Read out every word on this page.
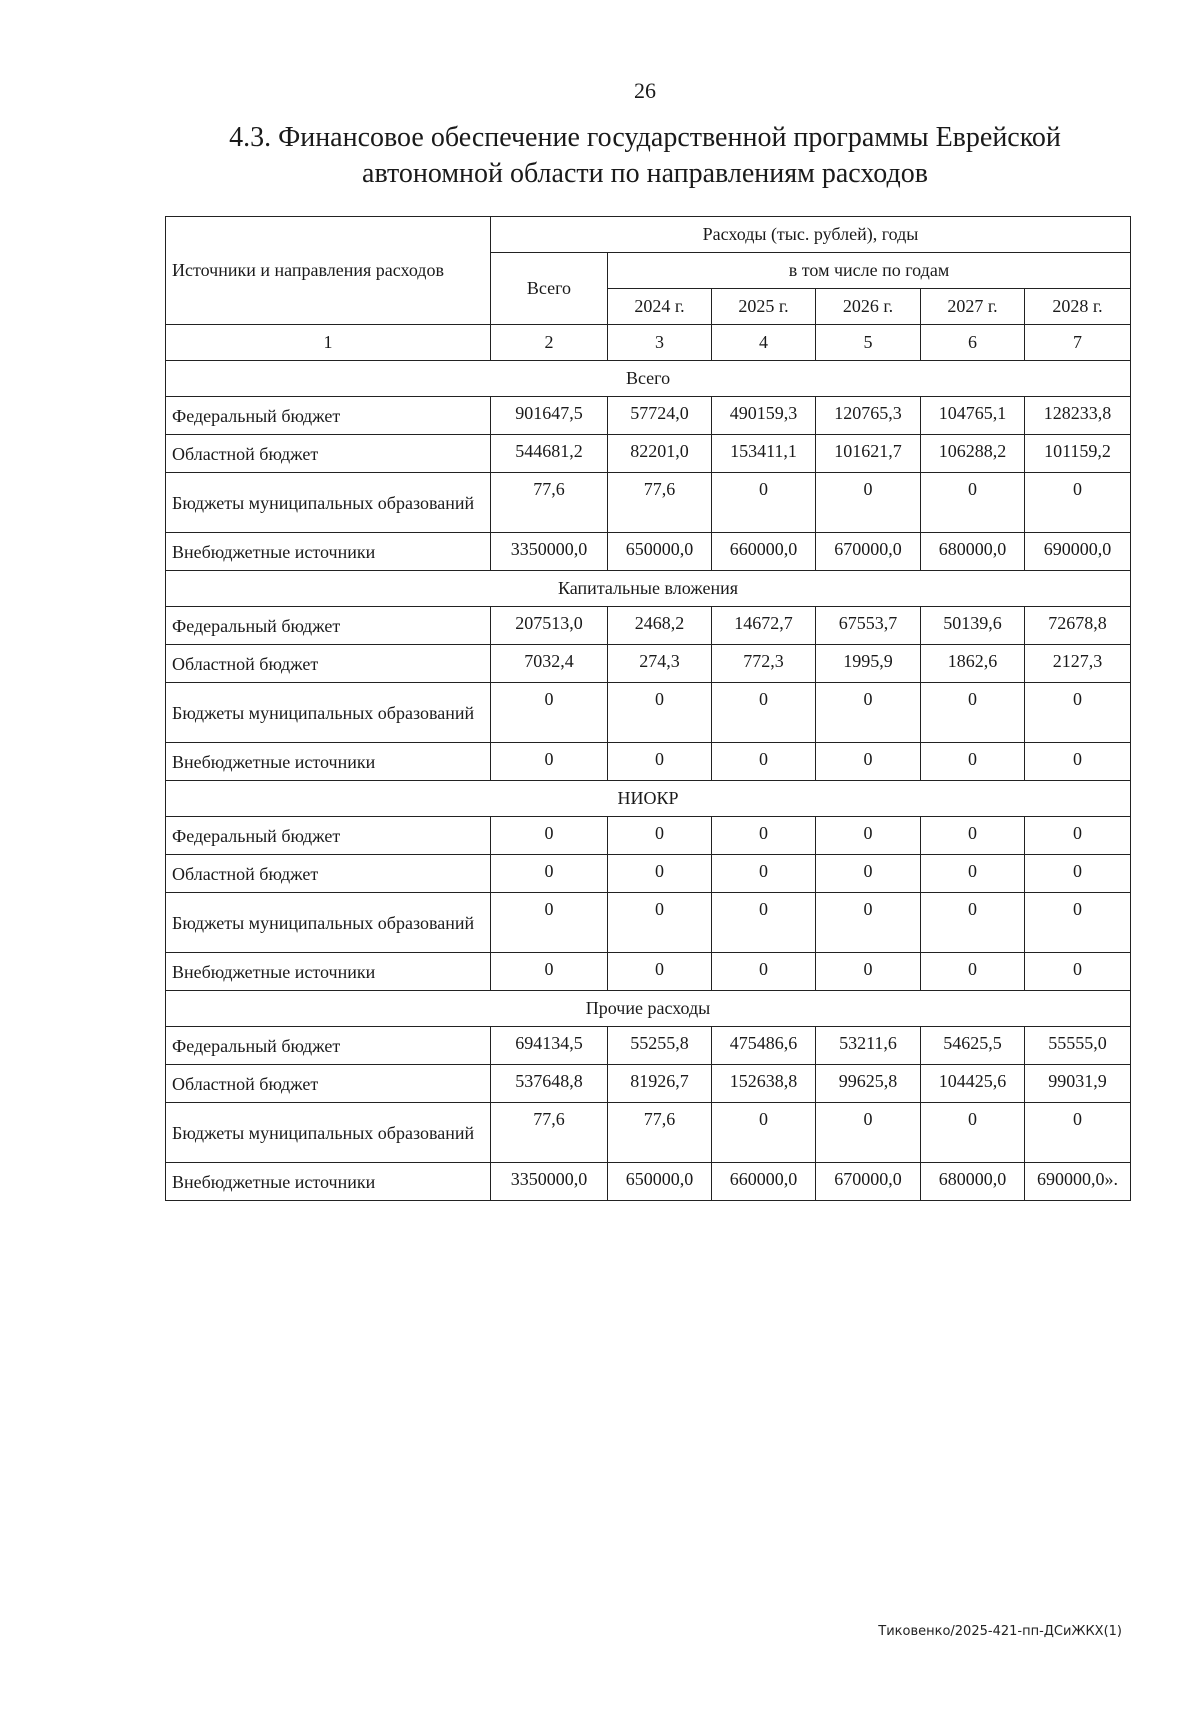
26
4.3. Финансовое обеспечение государственной программы Еврейской
автономной области по направлениям расходов
Источники и направления расходов	Расходы (тыс. рублей), годы					
	Всего	в том числе по годам				
		2024 г.	2025 г.	2026 г.	2027 г.	2028 г.
1	2	3	4	5	6	7
Всего						
Федеральный бюджет	901647,5	57724,0	490159,3	120765,3	104765,1	128233,8
Областной бюджет	544681,2	82201,0	153411,1	101621,7	106288,2	101159,2
Бюджеты муниципальных образований	77,6	77,6	0	0	0	0
Внебюджетные источники	3350000,0	650000,0	660000,0	670000,0	680000,0	690000,0
Капитальные вложения						
Федеральный бюджет	207513,0	2468,2	14672,7	67553,7	50139,6	72678,8
Областной бюджет	7032,4	274,3	772,3	1995,9	1862,6	2127,3
Бюджеты муниципальных образований	0	0	0	0	0	0
Внебюджетные источники	0	0	0	0	0	0
НИОКР						
Федеральный бюджет	0	0	0	0	0	0
Областной бюджет	0	0	0	0	0	0
Бюджеты муниципальных образований	0	0	0	0	0	0
Внебюджетные источники	0	0	0	0	0	0
Прочие расходы						
Федеральный бюджет	694134,5	55255,8	475486,6	53211,6	54625,5	55555,0
Областной бюджет	537648,8	81926,7	152638,8	99625,8	104425,6	99031,9
Бюджеты муниципальных образований	77,6	77,6	0	0	0	0
Внебюджетные источники	3350000,0	650000,0	660000,0	670000,0	680000,0	690000,0».
Тиковенко/2025-421-пп-ДСиЖКХ(1)
